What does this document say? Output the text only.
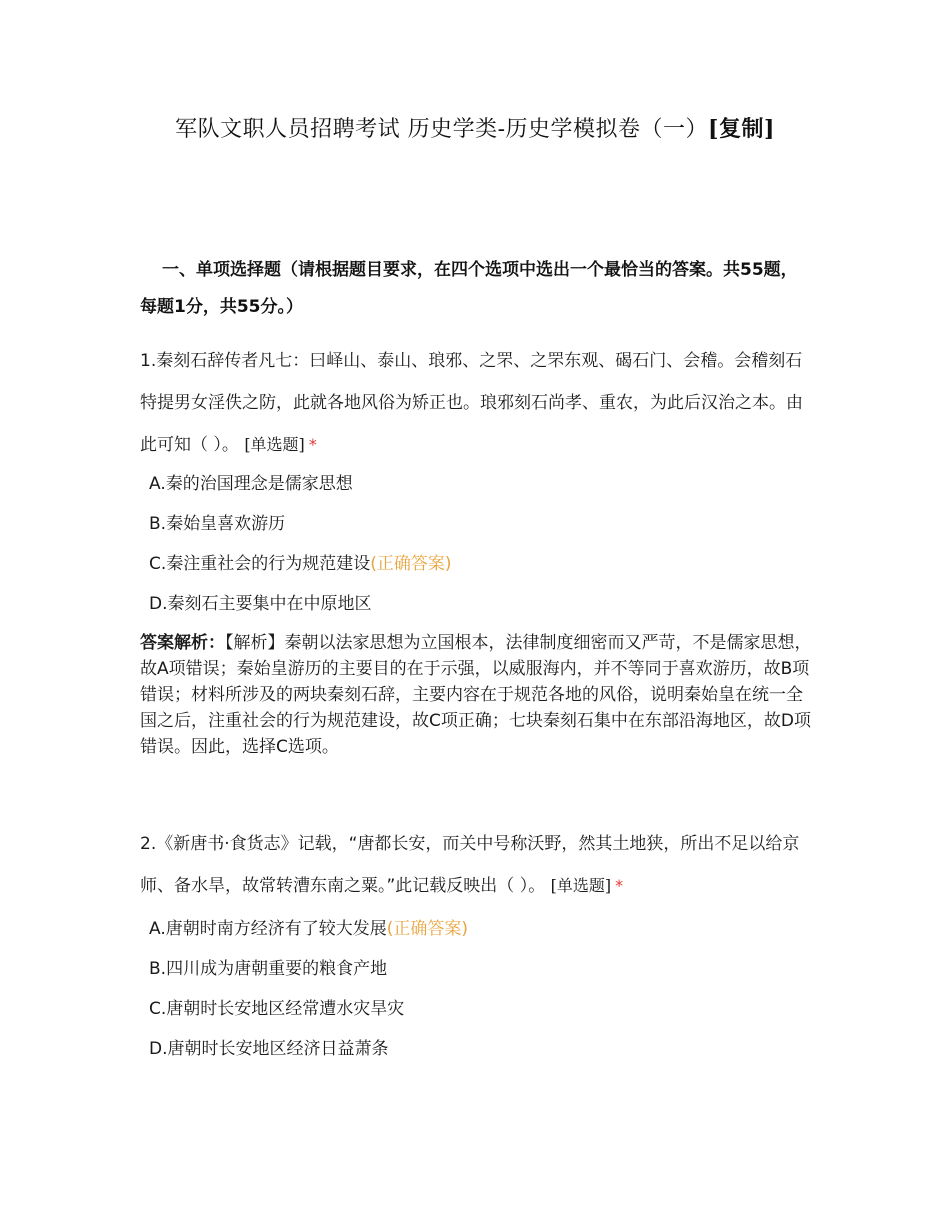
军队文职人员招聘考试 历史学类-历史学模拟卷（一）[复制]
一、单项选择题（请根据题目要求，在四个选项中选出一个最恰当的答案。共55题，每题1分，共55分。）
1.秦刻石辞传者凡七：曰峄山、泰山、琅邪、之罘、之罘东观、碣石门、会稽。会稽刻石特提男女淫佚之防，此就各地风俗为矫正也。琅邪刻石尚孝、重农，为此后汉治之本。由此可知（ ）。 [单选题] *
A.秦的治国理念是儒家思想
B.秦始皇喜欢游历
C.秦注重社会的行为规范建设(正确答案)
D.秦刻石主要集中在中原地区
答案解析：【解析】秦朝以法家思想为立国根本，法律制度细密而又严苛，不是儒家思想，故A项错误；秦始皇游历的主要目的在于示强，以威服海内，并不等同于喜欢游历，故B项错误；材料所涉及的两块秦刻石辞，主要内容在于规范各地的风俗，说明秦始皇在统一全国之后，注重社会的行为规范建设，故C项正确；七块秦刻石集中在东部沿海地区，故D项错误。因此，选择C选项。
2.《新唐书·食货志》记载，“唐都长安，而关中号称沃野，然其土地狭，所出不足以给京师、备水旱，故常转漕东南之粟。”此记载反映出（ ）。 [单选题] *
A.唐朝时南方经济有了较大发展(正确答案)
B.四川成为唐朝重要的粮食产地
C.唐朝时长安地区经常遭水灾旱灾
D.唐朝时长安地区经济日益萧条
